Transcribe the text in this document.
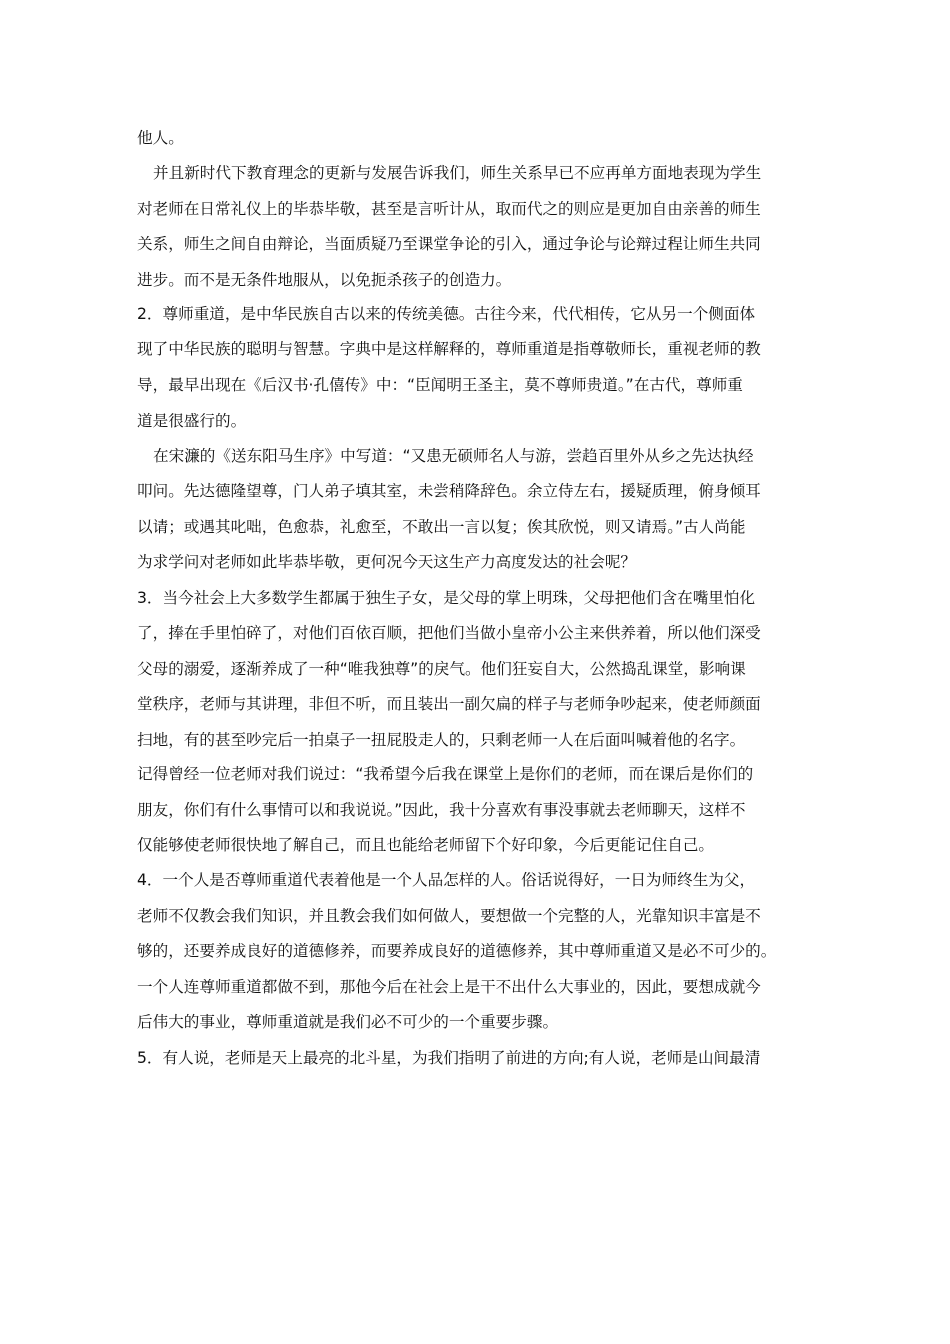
他人。
并且新时代下教育理念的更新与发展告诉我们，师生关系早已不应再单方面地表现为学生
对老师在日常礼仪上的毕恭毕敬，甚至是言听计从，取而代之的则应是更加自由亲善的师生
关系，师生之间自由辩论，当面质疑乃至课堂争论的引入，通过争论与论辩过程让师生共同
进步。而不是无条件地服从，以免扼杀孩子的创造力。
2．尊师重道，是中华民族自古以来的传统美德。古往今来，代代相传，它从另一个侧面体
现了中华民族的聪明与智慧。字典中是这样解释的，尊师重道是指尊敬师长，重视老师的教
导，最早出现在《后汉书·孔僖传》中：“臣闻明王圣主，莫不尊师贵道。”在古代，尊师重
道是很盛行的。
在宋濂的《送东阳马生序》中写道：“又患无硕师名人与游，尝趋百里外从乡之先达执经
叩问。先达德隆望尊，门人弟子填其室，未尝稍降辞色。余立侍左右，援疑质理，俯身倾耳
以请；或遇其叱咄，色愈恭，礼愈至，不敢出一言以复；俟其欣悦，则又请焉。”古人尚能
为求学问对老师如此毕恭毕敬，更何况今天这生产力高度发达的社会呢？
3．当今社会上大多数学生都属于独生子女，是父母的掌上明珠，父母把他们含在嘴里怕化
了，捧在手里怕碎了，对他们百依百顺，把他们当做小皇帝小公主来供养着，所以他们深受
父母的溺爱，逐渐养成了一种“唯我独尊”的戾气。他们狂妄自大，公然捣乱课堂，影响课
堂秩序，老师与其讲理，非但不听，而且装出一副欠扁的样子与老师争吵起来，使老师颜面
扫地，有的甚至吵完后一拍桌子一扭屁股走人的，只剩老师一人在后面叫喊着他的名字。
记得曾经一位老师对我们说过：“我希望今后我在课堂上是你们的老师，而在课后是你们的
朋友，你们有什么事情可以和我说说。”因此，我十分喜欢有事没事就去老师聊天，这样不
仅能够使老师很快地了解自己，而且也能给老师留下个好印象，今后更能记住自己。
4．一个人是否尊师重道代表着他是一个人品怎样的人。俗话说得好，一日为师终生为父，
老师不仅教会我们知识，并且教会我们如何做人，要想做一个完整的人，光靠知识丰富是不
够的，还要养成良好的道德修养，而要养成良好的道德修养，其中尊师重道又是必不可少的。
一个人连尊师重道都做不到，那他今后在社会上是干不出什么大事业的，因此，要想成就今
后伟大的事业，尊师重道就是我们必不可少的一个重要步骤。
5．有人说，老师是天上最亮的北斗星，为我们指明了前进的方向;有人说，老师是山间最清
